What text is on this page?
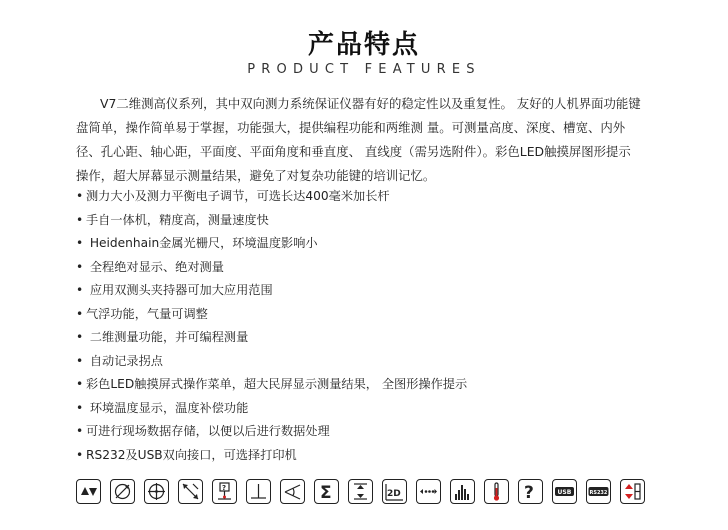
产品特点
PRODUCT FEATURES

V7二维测高仪系列，其中双向测力系统保证仪器有好的稳定性以及重复性。 友好的人机界面功能键盘简单，操作简单易于掌握，功能强大，提供编程功能和两维测 量。可测量高度、深度、槽宽、内外径、孔心距、轴心距，平面度、平面角度和垂直度、 直线度（需另选附件）。彩色LED触摸屏图形提示操作，超大屏幕显示测量结果，避免了对复杂功能键的培训记忆。

• 测力大小及测力平衡电子调节，可选长达400毫米加长杆
• 手自一体机，精度高，测量速度快
• Heidenhain金属光栅尺，环境温度影响小
• 全程绝对显示、绝对测量
• 应用双测头夹持器可加大应用范围
• 气浮功能，气量可调整
• 二维测量功能，并可编程测量
• 自动记录拐点
• 彩色LED触摸屏式操作菜单，超大民屏显示测量结果， 全图形操作提示
• 环境温度显示，温度补偿功能
• 可进行现场数据存储，以便以后进行数据处理
• RS232及USB双向接口，可选择打印机
?	Σ	2D	?	USB	RS232
